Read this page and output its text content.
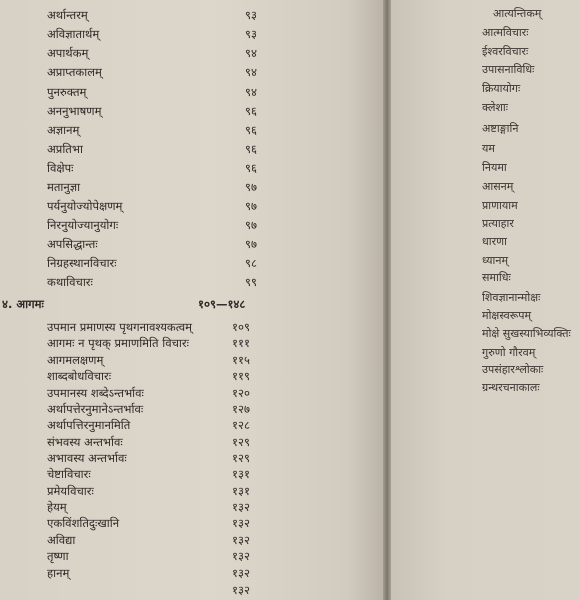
अर्थान्तरम्	९३
अविज्ञातार्थम्	९३
अपार्थकम्	९४
अप्राप्तकालम्	९४
पुनरुक्तम्	९४
अननुभाषणम्	९६
अज्ञानम्	९६
अप्रतिभा	९६
विक्षेपः	९६
मतानुज्ञा	९७
पर्यनुयोज्योपेक्षणम्	९७
निरनुयोज्यानुयोगः	९७
अपसिद्धान्तः	९७
निग्रहस्थानविचारः	९८
कथाविचारः	९९
४. आगमः	१०९—१४८
उपमान प्रमाणस्य पृथगनावश्यकत्वम्	१०९
आगमः न पृथक् प्रमाणमिति विचारः	१११
आगमलक्षणम्	११५
शाब्दबोधविचारः	११९
उपमानस्य शब्देऽन्तर्भावः	१२०
अर्थापत्तेरनुमानेऽन्तर्भावः	१२७
अर्थापत्तिरनुमानमिति	१२८
संभवस्य अन्तर्भावः	१२९
अभावस्य अन्तर्भावः	१२९
चेष्टाविचारः	१३१
प्रमेयविचारः	१३१
हेयम्	१३२
एकविंशतिदुःखानि	१३२
अविद्या	१३२
तृष्णा	१३२
हानम्	१३२
१३२
आत्यन्तिकम्
आत्मविचारः
ईश्वरविचारः
उपासनाविधिः
क्रियायोगः
क्लेशाः
अष्टाङ्गानि
यम
नियमा
आसनम्
प्राणायाम
प्रत्याहार
धारणा
ध्यानम्
समाधिः
शिवज्ञानान्मोक्षः
मोक्षस्वरूपम्
मोक्षे सुखस्याभिव्यक्तिः
गुरुणो गौरवम्
उपसंहारश्लोकाः
ग्रन्थरचनाकालः
